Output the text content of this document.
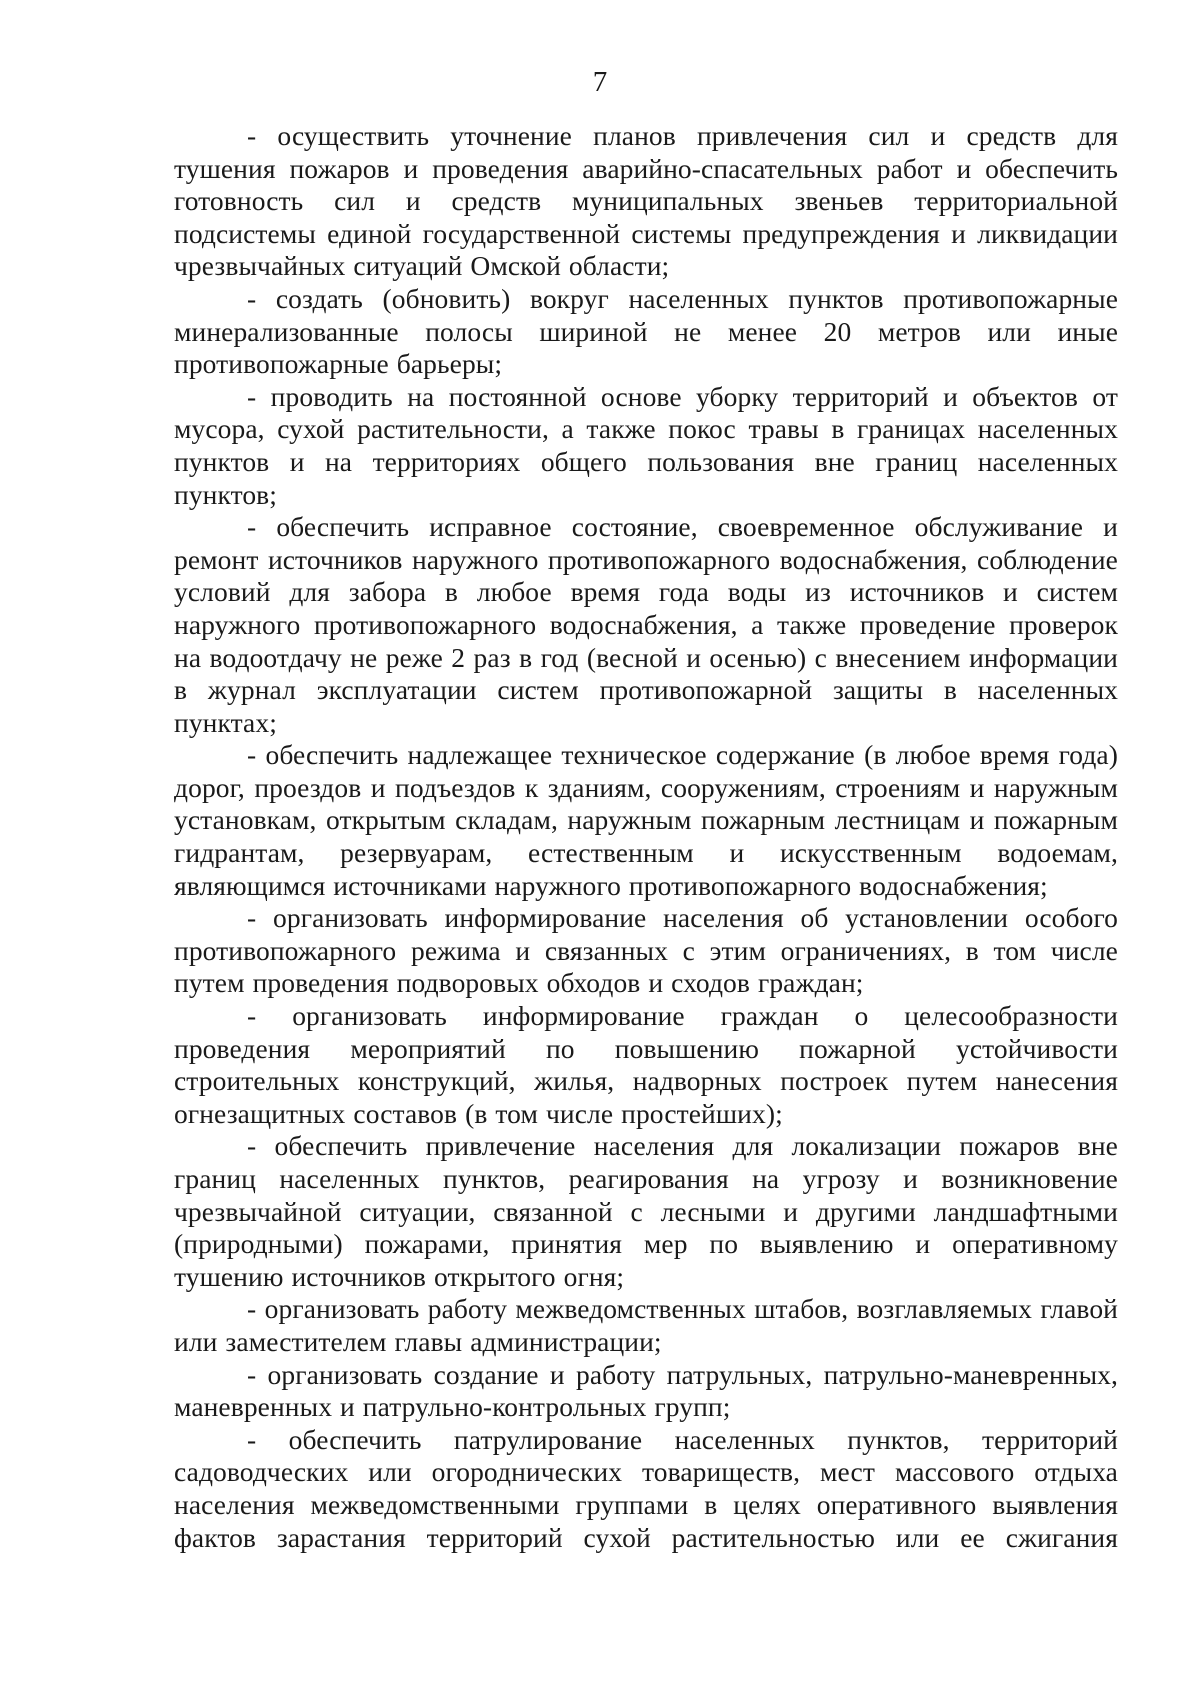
7

- осуществить уточнение планов привлечения сил и средств для тушения пожаров и проведения аварийно-спасательных работ и обеспечить готовность сил и средств муниципальных звеньев территориальной подсистемы единой государственной системы предупреждения и ликвидации чрезвычайных ситуаций Омской области;

- создать (обновить) вокруг населенных пунктов противопожарные минерализованные полосы шириной не менее 20 метров или иные противопожарные барьеры;

- проводить на постоянной основе уборку территорий и объектов от мусора, сухой растительности, а также покос травы в границах населенных пунктов и на территориях общего пользования вне границ населенных пунктов;

- обеспечить исправное состояние, своевременное обслуживание и ремонт источников наружного противопожарного водоснабжения, соблюдение условий для забора в любое время года воды из источников и систем наружного противопожарного водоснабжения, а также проведение проверок на водоотдачу не реже 2 раз в год (весной и осенью) с внесением информации в журнал эксплуатации систем противопожарной защиты в населенных пунктах;

- обеспечить надлежащее техническое содержание (в любое время года) дорог, проездов и подъездов к зданиям, сооружениям, строениям и наружным установкам, открытым складам, наружным пожарным лестницам и пожарным гидрантам, резервуарам, естественным и искусственным водоемам, являющимся источниками наружного противопожарного водоснабжения;

- организовать информирование населения об установлении особого противопожарного режима и связанных с этим ограничениях, в том числе путем проведения подворовых обходов и сходов граждан;

- организовать информирование граждан о целесообразности проведения мероприятий по повышению пожарной устойчивости строительных конструкций, жилья, надворных построек путем нанесения огнезащитных составов (в том числе простейших);

- обеспечить привлечение населения для локализации пожаров вне границ населенных пунктов, реагирования на угрозу и возникновение чрезвычайной ситуации, связанной с лесными и другими ландшафтными (природными) пожарами, принятия мер по выявлению и оперативному тушению источников открытого огня;

- организовать работу межведомственных штабов, возглавляемых главой или заместителем главы администрации;

- организовать создание и работу патрульных, патрульно-маневренных, маневренных и патрульно-контрольных групп;

- обеспечить патрулирование населенных пунктов, территорий садоводческих или огороднических товариществ, мест массового отдыха населения межведомственными группами в целях оперативного выявления фактов зарастания территорий сухой растительностью или ее сжигания
